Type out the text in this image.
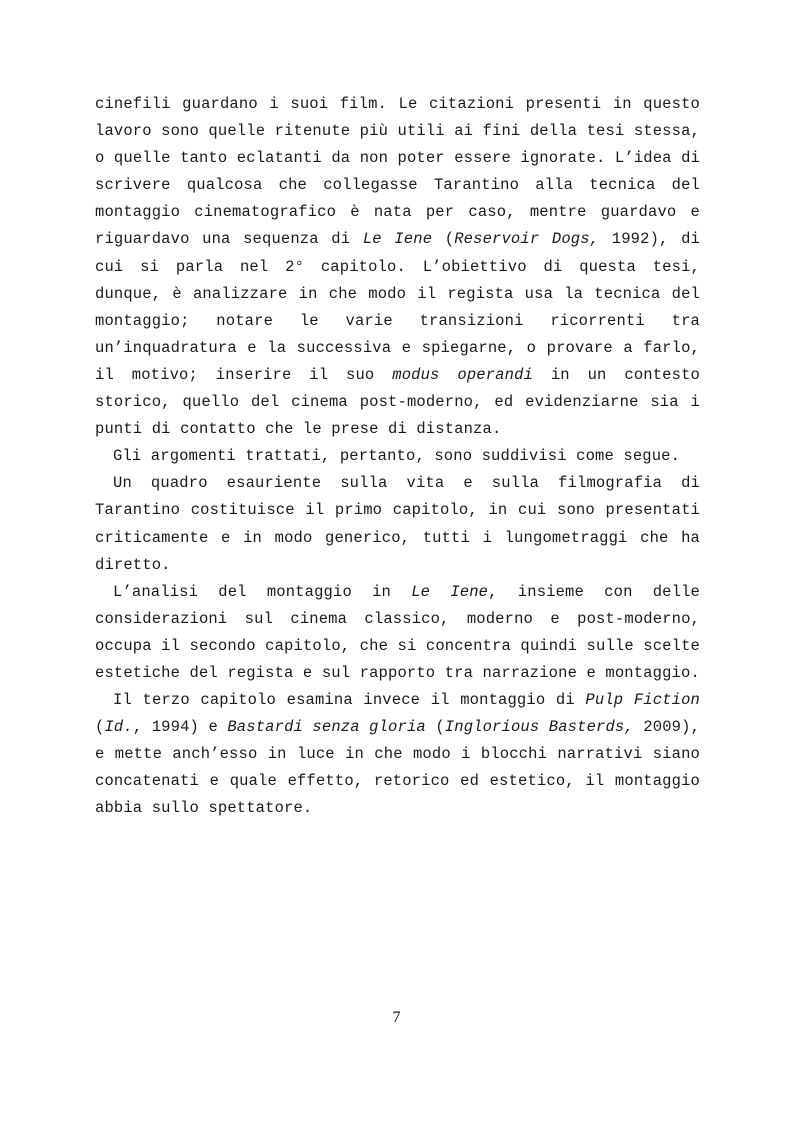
cinefili guardano i suoi film. Le citazioni presenti in questo lavoro sono quelle ritenute più utili ai fini della tesi stessa, o quelle tanto eclatanti da non poter essere ignorate. L’idea di scrivere qualcosa che collegasse Tarantino alla tecnica del montaggio cinematografico è nata per caso, mentre guardavo e riguardavo una sequenza di Le Iene (Reservoir Dogs, 1992), di cui si parla nel 2° capitolo. L’obiettivo di questa tesi, dunque, è analizzare in che modo il regista usa la tecnica del montaggio; notare le varie transizioni ricorrenti tra un’inquadratura e la successiva e spiegarne, o provare a farlo, il motivo; inserire il suo modus operandi in un contesto storico, quello del cinema post-moderno, ed evidenziarne sia i punti di contatto che le prese di distanza.

Gli argomenti trattati, pertanto, sono suddivisi come segue.

Un quadro esauriente sulla vita e sulla filmografia di Tarantino costituisce il primo capitolo, in cui sono presentati criticamente e in modo generico, tutti i lungometraggi che ha diretto.

L’analisi del montaggio in Le Iene, insieme con delle considerazioni sul cinema classico, moderno e post-moderno, occupa il secondo capitolo, che si concentra quindi sulle scelte estetiche del regista e sul rapporto tra narrazione e montaggio.

Il terzo capitolo esamina invece il montaggio di Pulp Fiction (Id., 1994) e Bastardi senza gloria (Inglorious Basterds, 2009), e mette anch’esso in luce in che modo i blocchi narrativi siano concatenati e quale effetto, retorico ed estetico, il montaggio abbia sullo spettatore.

7
